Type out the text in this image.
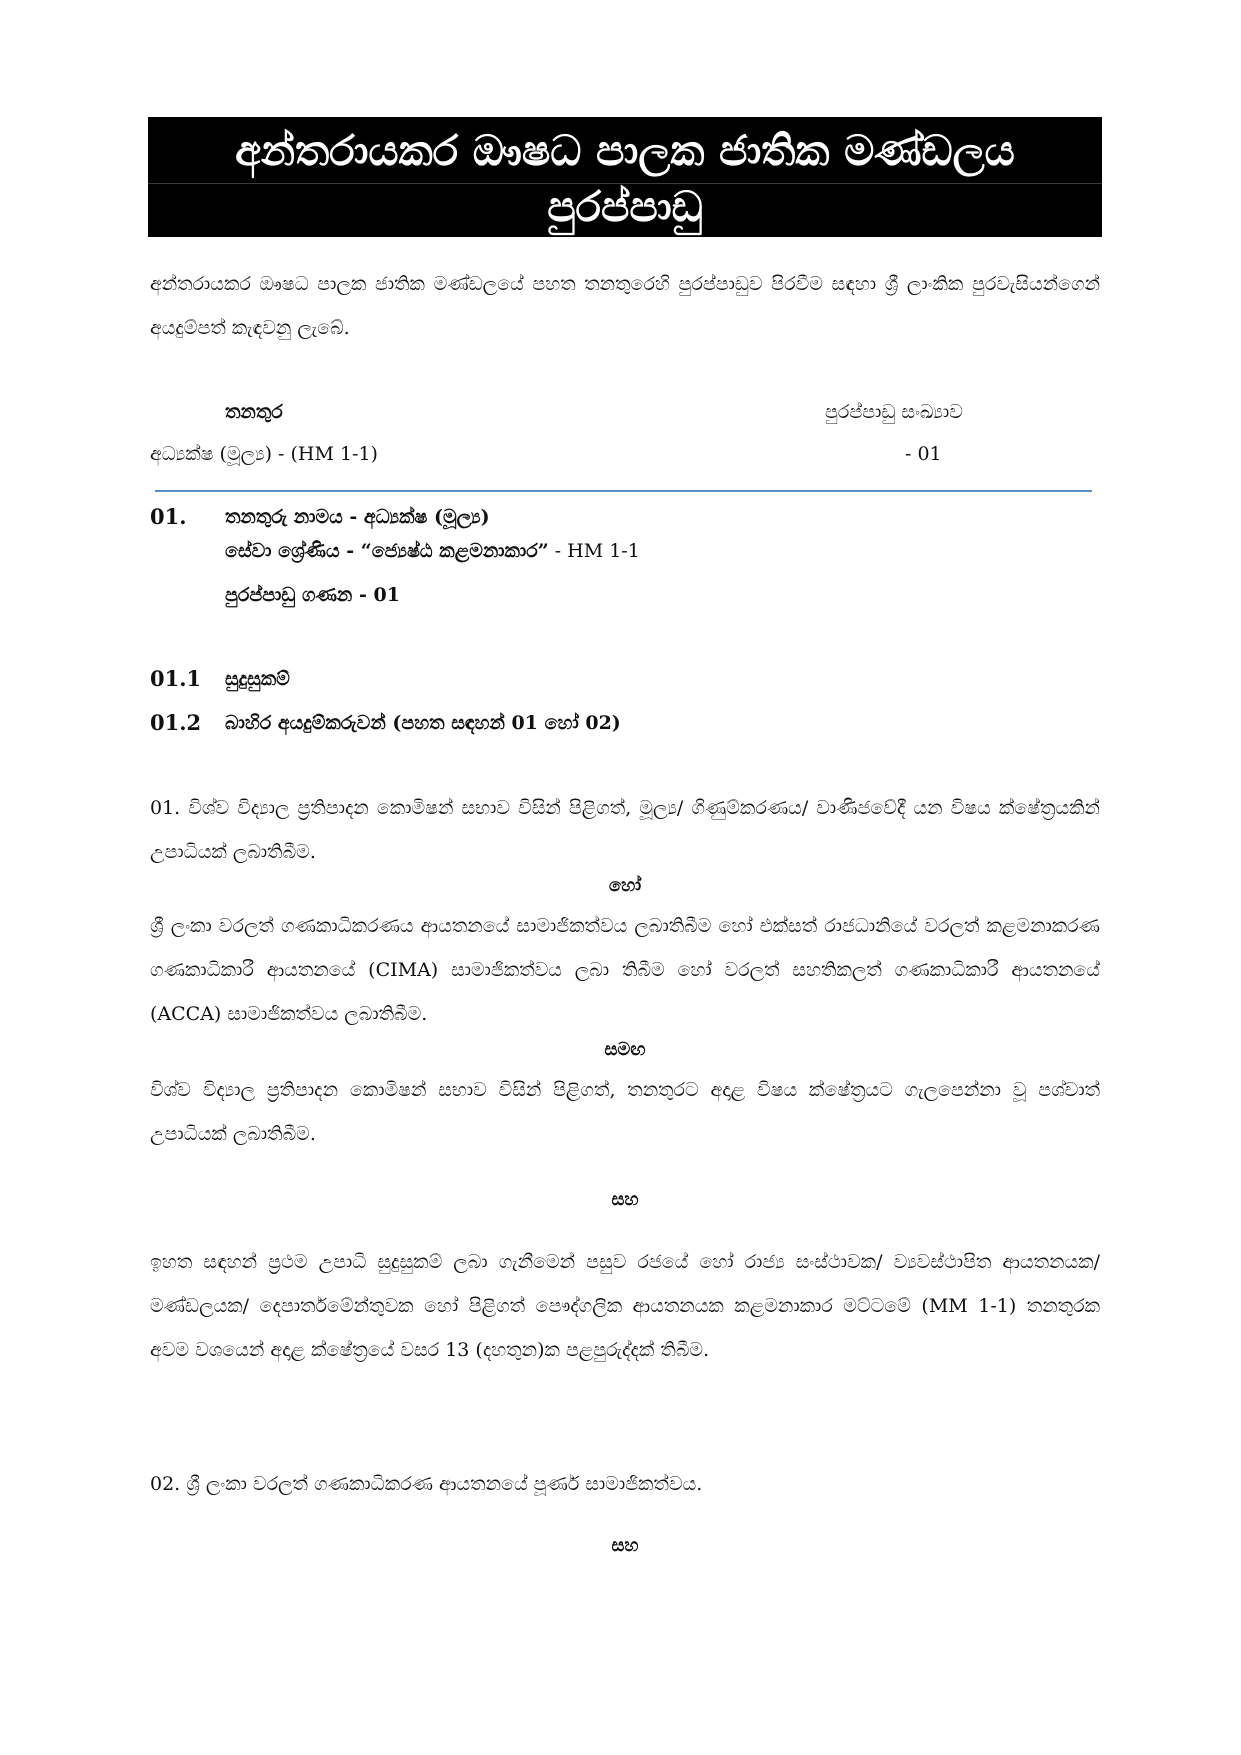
අන්තරායකර ඖෂධ පාලක ජාතික මණ්ඩලය
පුරප්පාඩු
අන්තරායකර ඖෂධ පාලක ජාතික මණ්ඩලයේ පහත තනතුරෙහි පුරප්පාඩුව පිරවීම සඳහා ශ්‍රී ලාංකික පුරවැසියන්ගෙන් අයදුම්පත් කැඳවනු ලැබේ.
තනතුර	පුරප්පාඩු සංඛ්‍යාව
අධ්‍යක්ෂ (මූල්‍ය) - (HM 1-1)	- 01
01. තනතුරු නාමය - අධ්‍යක්ෂ (මූල්‍ය)
සේවා ශ්‍රේණිය - “ජ්‍යෙෂ්ඨ කළමනාකාර” - HM 1-1
පුරප්පාඩු ගණන - 01
01.1 සුදුසුකම්
01.2 බාහිර අයදුම්කරුවන් (පහත සඳහන් 01 හෝ 02)
01. විශ්ව විද්‍යාල ප්‍රතිපාදන කොමිෂන් සභාව විසින් පිළිගත්, මූල්‍ය/ ගිණුම්කරණය/ වාණිජවේදී යන විෂය ක්ෂේත්‍රයකින් උපාධියක් ලබාතිබීම.
හෝ
ශ්‍රී ලංකා වරලත් ගණකාධිකරණය ආයතනයේ සාමාජිකත්වය ලබාතිබීම හෝ එක්සත් රාජධානියේ වරලත් කළමනාකරණ ගණකාධිකාරී ආයතනයේ (CIMA) සාමාජිකත්වය ලබා තිබීම හෝ වරලත් සහතිකලත් ගණකාධිකාරී ආයතනයේ (ACCA) සාමාජිකත්වය ලබාතිබීම.
සමඟ
විශ්ව විද්‍යාල ප්‍රතිපාදන කොමිෂන් සභාව විසින් පිළිගත්, තනතුරට අදාළ විෂය ක්ෂේත්‍රයට ගැලපෙන්නා වූ පශ්චාත් උපාධියක් ලබාතිබීම.
සහ
ඉහත සඳහන් ප්‍රථම උපාධි සුදුසුකම් ලබා ගැනීමෙන් පසුව රජයේ හෝ රාජ්‍ය සංස්ථාවක/ ව්‍යවස්ථාපිත ආයතනයක/ මණ්ඩලයක/ දෙපාර්තමේන්තුවක හෝ පිළිගත් පෞද්ගලික ආයතනයක කළමනාකාර මට්ටමේ (MM 1-1) තනතුරක අවම වශයෙන් අදාළ ක්ෂේත්‍රයේ වසර 13 (දහතුන)ක පළපුරුද්දක් තිබීම.
02. ශ්‍රී ලංකා වරලත් ගණකාධිකරණ ආයතනයේ පූර්ණ සාමාජිකත්වය.
සහ
